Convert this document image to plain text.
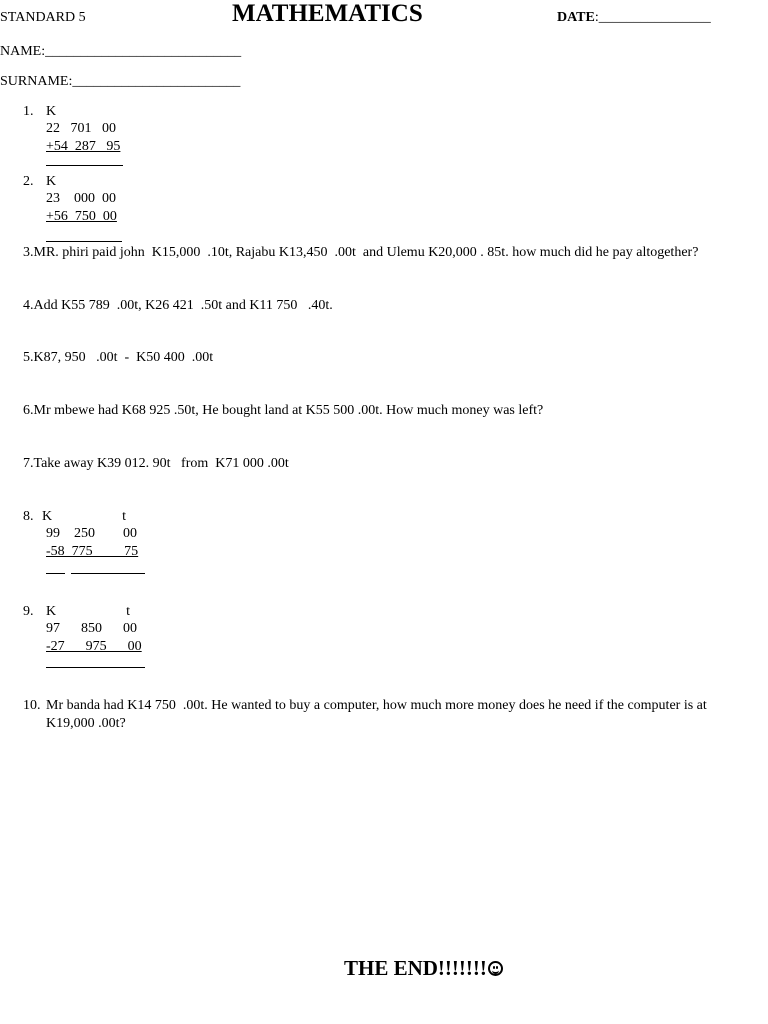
STANDARD 5	MATHEMATICS	DATE:________________
NAME:____________________________
SURNAME:________________________
1. K
22   701   00
+54  287   95
2. K
23    000  00
+56  750  00
3.MR. phiri paid john  K15,000  .10t, Rajabu K13,450  .00t  and Ulemu K20,000 . 85t. how much did he pay altogether?
4.Add K55 789  .00t, K26 421  .50t and K11 750   .40t.
5.K87, 950   .00t  -  K50 400  .00t
6.Mr mbewe had K68 925 .50t, He bought land at K55 500 .00t. How much money was left?
7.Take away K39 012. 90t   from  K71 000 .00t
8. K                    t
99    250        00
-58  775         75
9. K                    t
97      850      00
-27      975      00
10. Mr banda had K14 750  .00t. He wanted to buy a computer, how much more money does he need if the computer is at
K19,000 .00t?
THE END!!!!!!!
